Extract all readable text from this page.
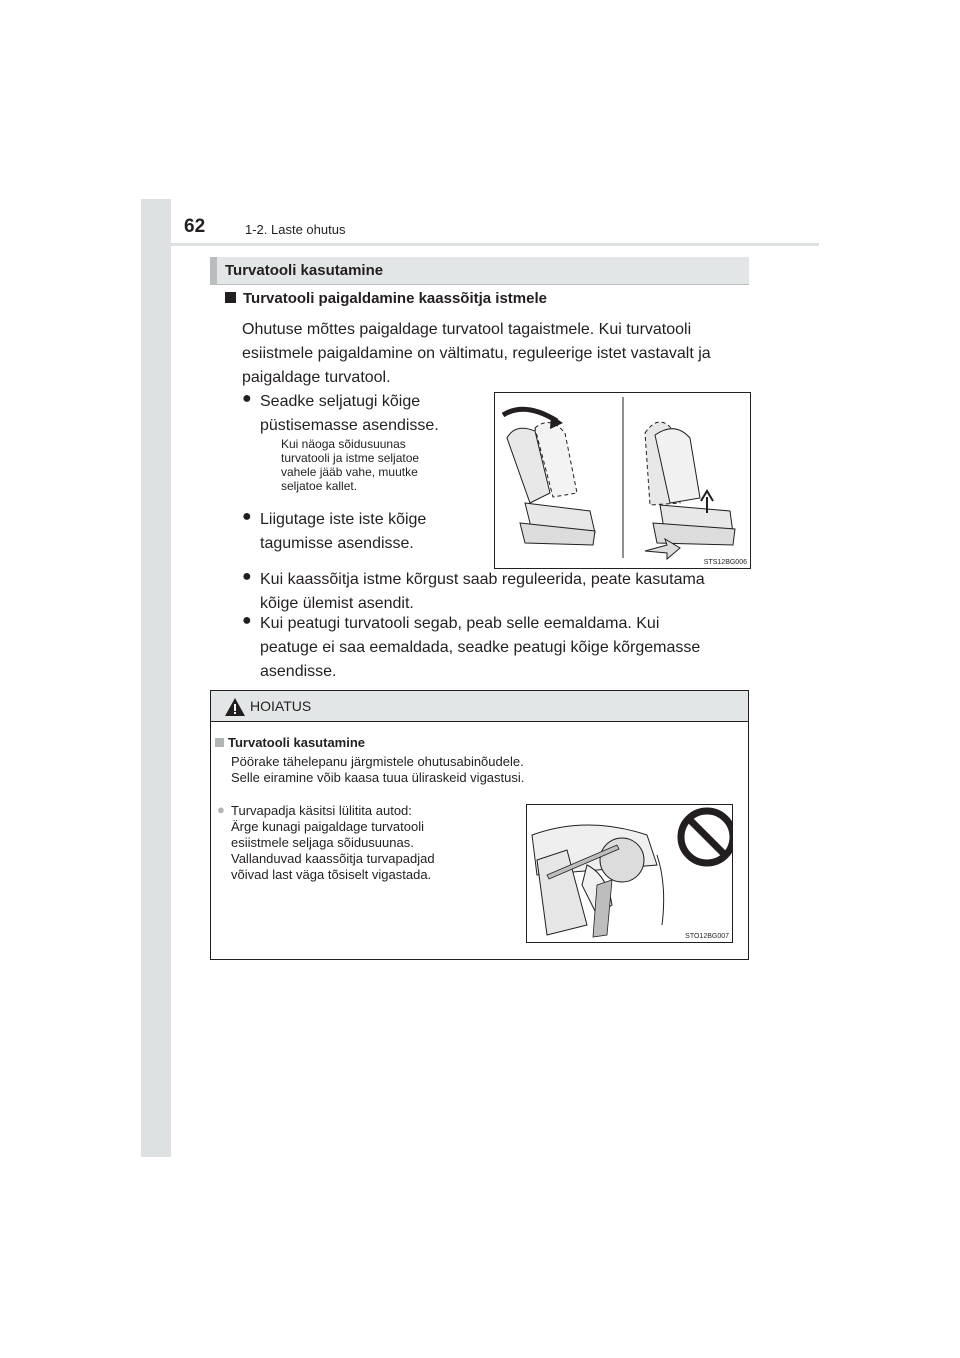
62	1-2. Laste ohutus
Turvatooli kasutamine
Turvatooli paigaldamine kaassõitja istmele
Ohutuse mõttes paigaldage turvatool tagaistmele. Kui turvatooli
esiistmele paigaldamine on vältimatu, reguleerige istet vastavalt ja
paigaldage turvatool.
● Seadke seljatugi kõige
püstisemasse asendisse.
Kui näoga sõidusuunas
turvatooli ja istme seljatoe
vahele jääb vahe, muutke
seljatoe kallet.
● Liigutage iste iste kõige
tagumisse asendisse.
STS12BG006
● Kui kaassõitja istme kõrgust saab reguleerida, peate kasutama
kõige ülemist asendit.
● Kui peatugi turvatooli segab, peab selle eemaldama. Kui
peatuge ei saa eemaldada, seadke peatugi kõige kõrgemasse
asendisse.
HOIATUS
Turvatooli kasutamine
Pöörake tähelepanu järgmistele ohutusabinõudele.
Selle eiramine võib kaasa tuua üliraskeid vigastusi.
● Turvapadja käsitsi lülitita autod:
Ärge kunagi paigaldage turvatooli
esiistmele seljaga sõidusuunas.
Vallanduvad kaassõitja turvapadjad
võivad last väga tõsiselt vigastada.
STO12BG007
